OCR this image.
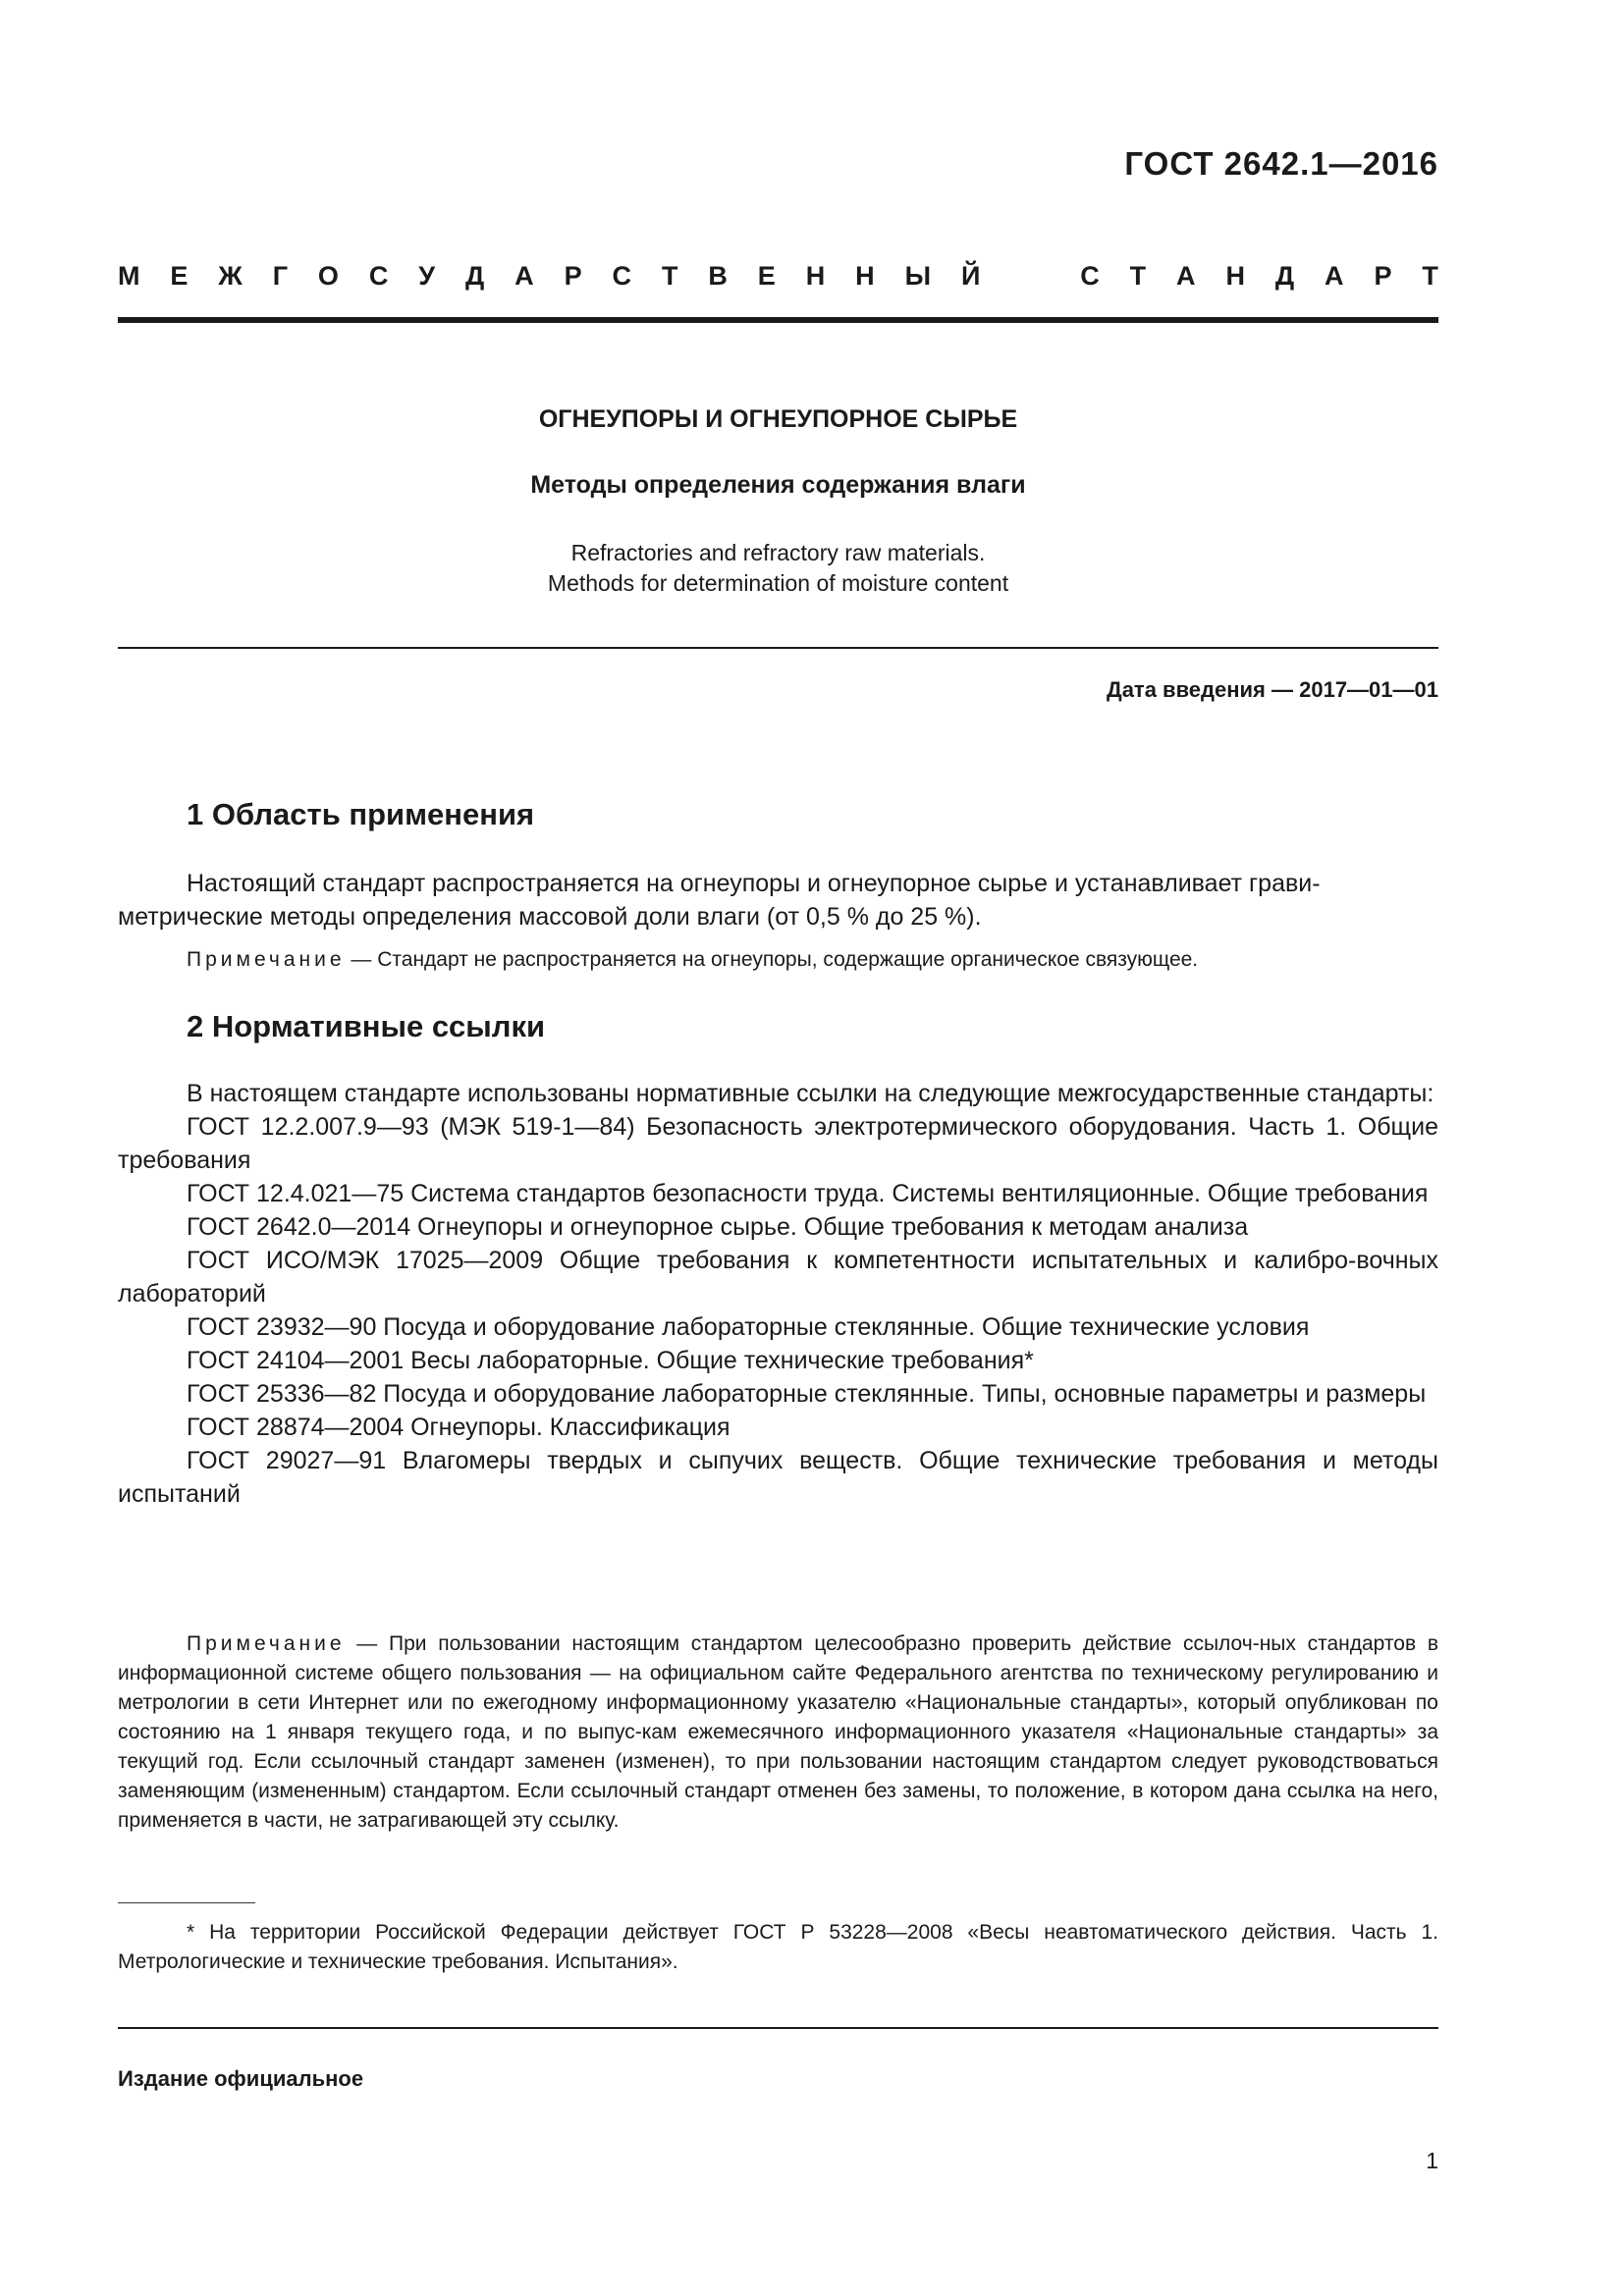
ГОСТ 2642.1—2016
М Е Ж Г О С У Д А Р С Т В Е Н Н Ы Й	С Т А Н Д А Р Т
ОГНЕУПОРЫ И ОГНЕУПОРНОЕ СЫРЬЕ
Методы определения содержания влаги
Refractories and refractory raw materials.
Methods for determination of moisture content
Дата введения — 2017—01—01
1 Область применения
Настоящий стандарт распространяется на огнеупоры и огнеупорное сырье и устанавливает грави-
метрические методы определения массовой доли влаги (от 0,5 % до 25 %).
Примечание — Стандарт не распространяется на огнеупоры, содержащие органическое связующее.
2 Нормативные ссылки
В настоящем стандарте использованы нормативные ссылки на следующие межгосударственные стандарты:
ГОСТ 12.2.007.9—93 (МЭК 519-1—84) Безопасность электротермического оборудования. Часть 1. Общие требования
ГОСТ 12.4.021—75 Система стандартов безопасности труда. Системы вентиляционные. Общие требования
ГОСТ 2642.0—2014 Огнеупоры и огнеупорное сырье. Общие требования к методам анализа
ГОСТ ИСО/МЭК 17025—2009 Общие требования к компетентности испытательных и калибро-вочных лабораторий
ГОСТ 23932—90 Посуда и оборудование лабораторные стеклянные. Общие технические условия
ГОСТ 24104—2001 Весы лабораторные. Общие технические требования*
ГОСТ 25336—82 Посуда и оборудование лабораторные стеклянные. Типы, основные параметры и размеры
ГОСТ 28874—2004 Огнеупоры. Классификация
ГОСТ 29027—91 Влагомеры твердых и сыпучих веществ. Общие технические требования и методы испытаний
Примечание — При пользовании настоящим стандартом целесообразно проверить действие ссылоч-ных стандартов в информационной системе общего пользования — на официальном сайте Федерального агентства по техническому регулированию и метрологии в сети Интернет или по ежегодному информационному указателю «Национальные стандарты», который опубликован по состоянию на 1 января текущего года, и по выпус-кам ежемесячного информационного указателя «Национальные стандарты» за текущий год. Если ссылочный стандарт заменен (изменен), то при пользовании настоящим стандартом следует руководствоваться заменяющим (измененным) стандартом. Если ссылочный стандарт отменен без замены, то положение, в котором дана ссылка на него, применяется в части, не затрагивающей эту ссылку.
* На территории Российской Федерации действует ГОСТ Р 53228—2008 «Весы неавтоматического действия. Часть 1. Метрологические и технические требования. Испытания».
Издание официальное
1
